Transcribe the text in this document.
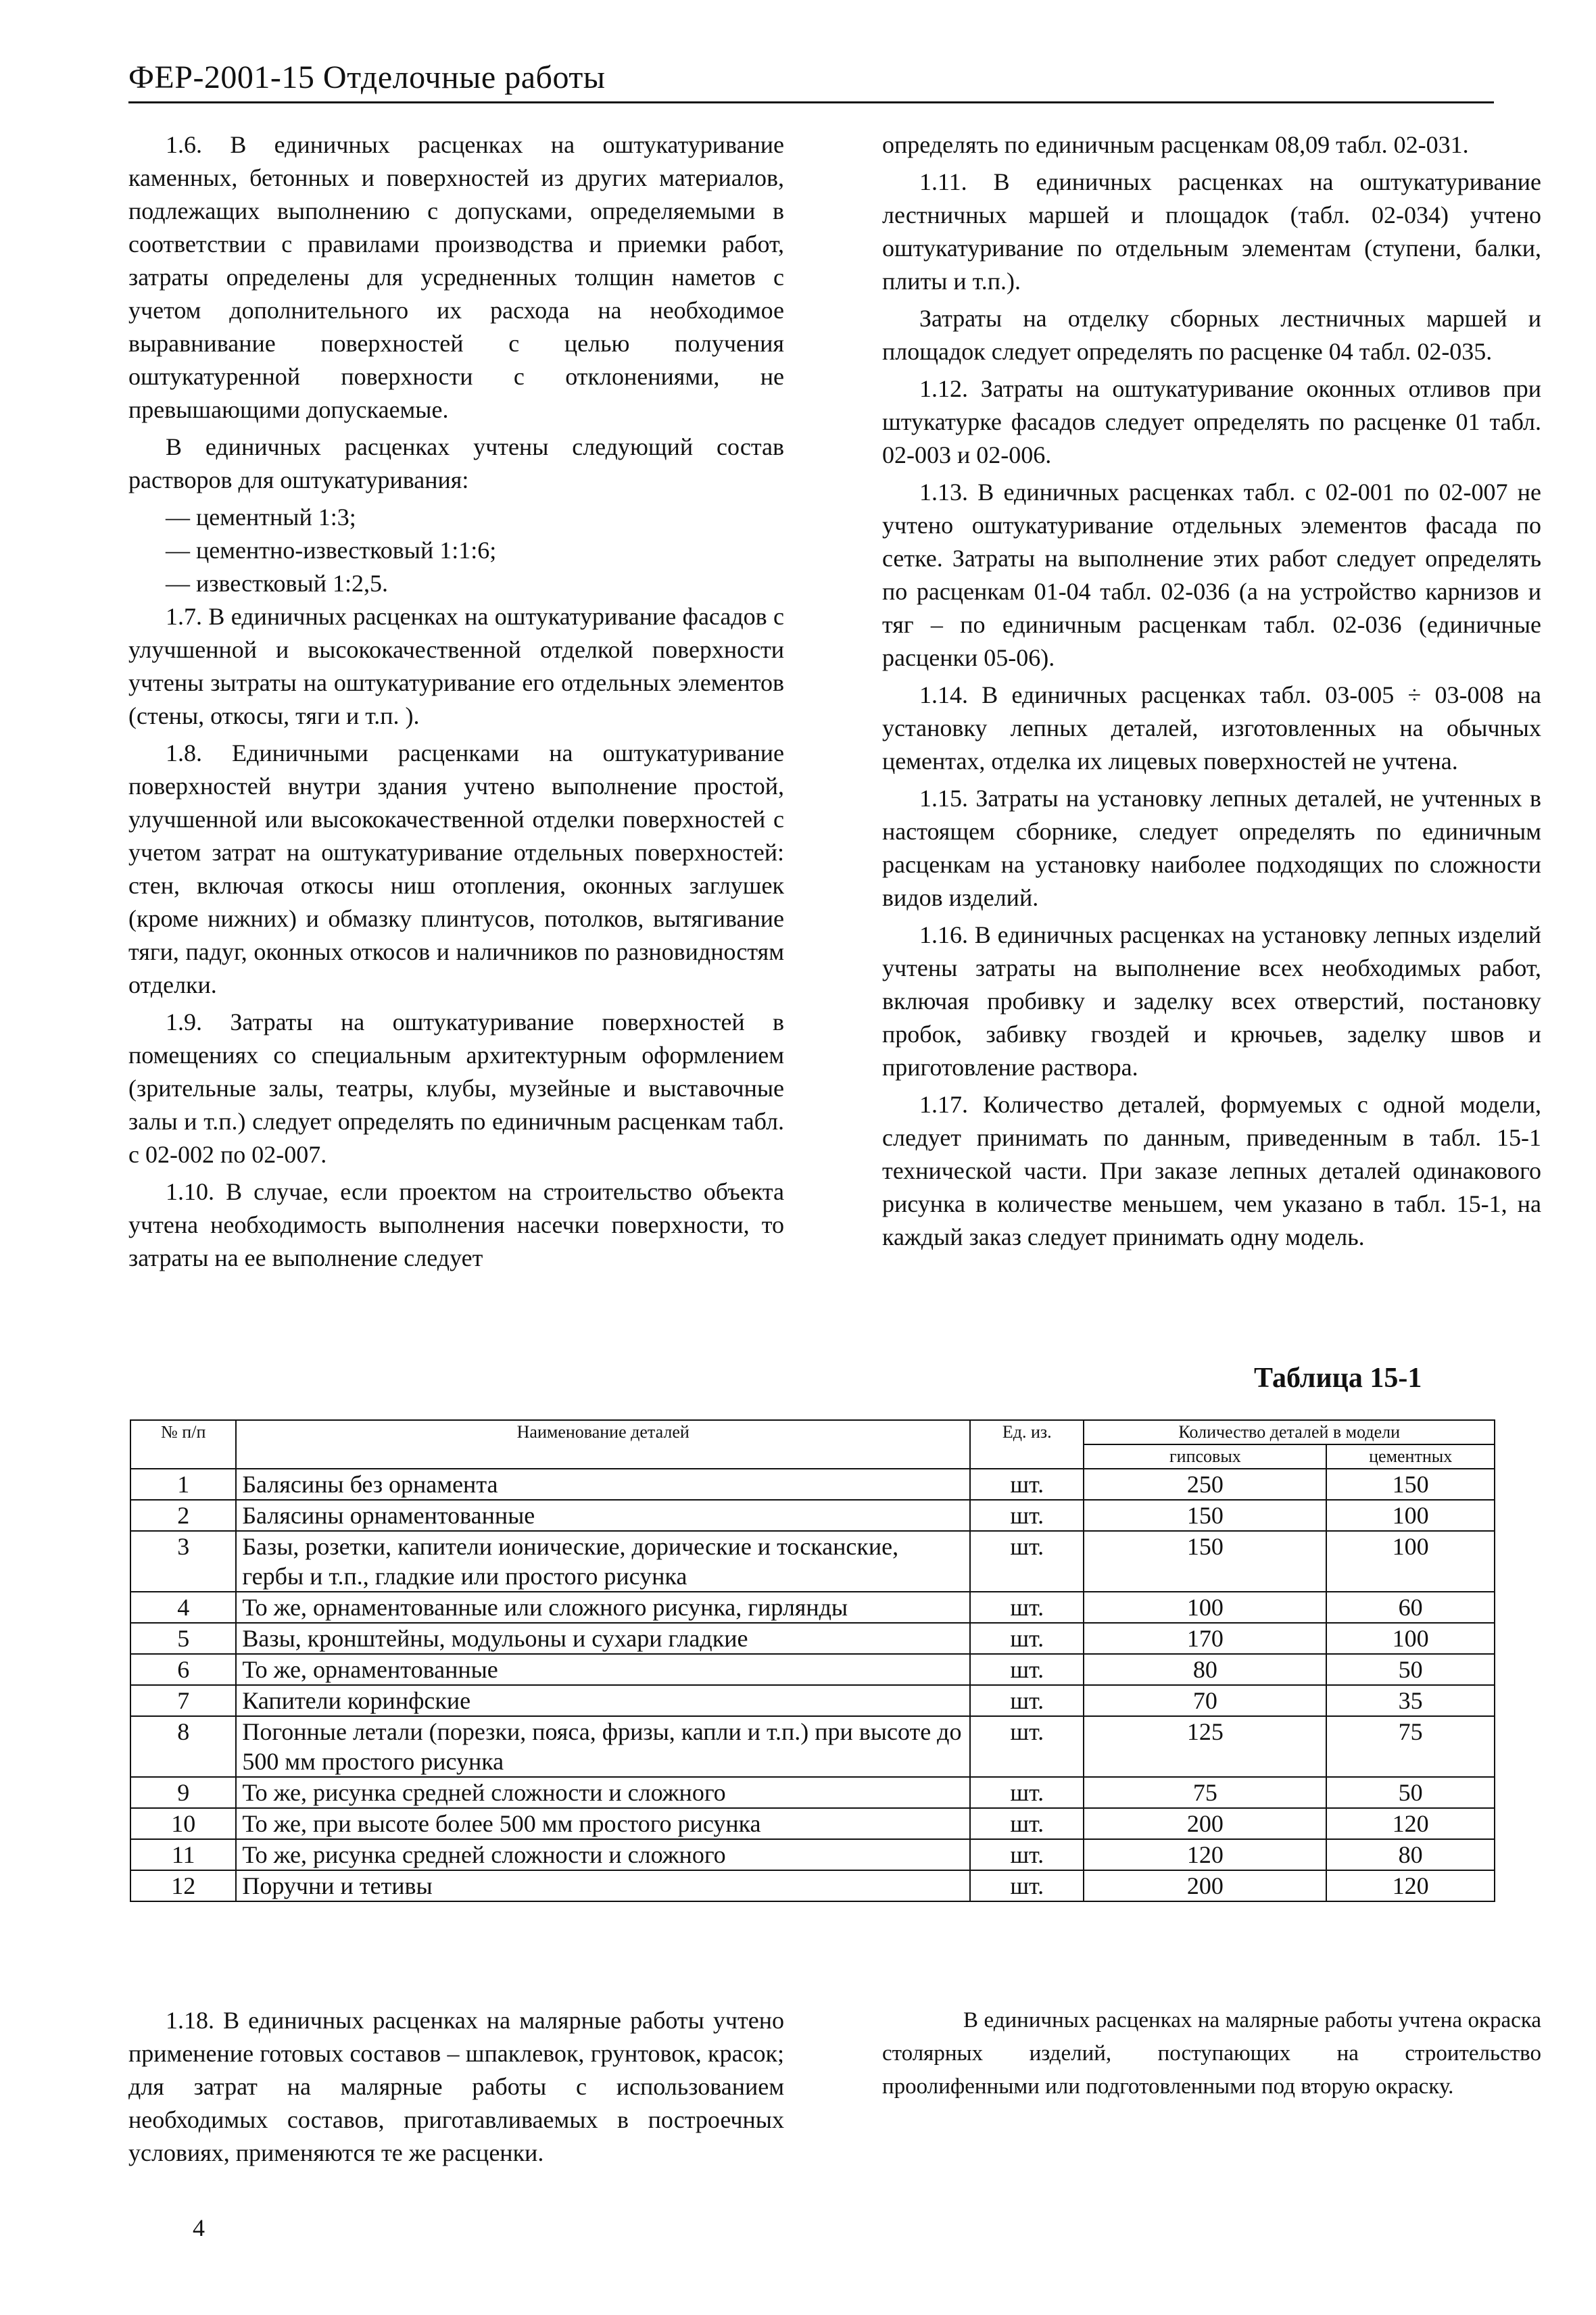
ФЕР-2001-15 Отделочные работы

1.6. В единичных расценках на оштукатуривание каменных, бетонных и поверхностей из других материалов, подлежащих выполнению с допусками, определяемыми в соответствии с правилами производства и приемки работ, затраты определены для усредненных толщин наметов с учетом дополнительного их расхода на необходимое выравнивание поверхностей с целью получения оштукатуренной поверхности с отклонениями, не превышающими допускаемые.

В единичных расценках учтены следующий состав растворов для оштукатуривания:

— цементный 1:3;

— цементно-известковый 1:1:6;

— известковый 1:2,5.

1.7. В единичных расценках на оштукатуривание фасадов с улучшенной и высококачественной отделкой поверхности учтены зытраты на оштукатуривание его отдельных элементов (стены, откосы, тяги и т.п. ).

1.8. Единичными расценками на оштукатуривание поверхностей внутри здания учтено выполнение простой, улучшенной или высококачественной отделки поверхностей с учетом затрат на оштукатуривание отдельных поверхностей: стен, включая откосы ниш отопления, оконных заглушек (кроме нижних) и обмазку плинтусов, потолков, вытягивание тяги, падуг, оконных откосов и наличников по разновидностям отделки.

1.9. Затраты на оштукатуривание поверхностей в помещениях со специальным архитектурным оформлением (зрительные залы, театры, клубы, музейные и выставочные залы и т.п.) следует определять по единичным расценкам табл. с 02-002 по 02-007.

1.10. В случае, если проектом на строительство объекта учтена необходимость выполнения насечки поверхности, то затраты на ее выполнение следует

определять по единичным расценкам 08,09 табл. 02-031.

1.11. В единичных расценках на оштукатуривание лестничных маршей и площадок (табл. 02-034) учтено оштукатуривание по отдельным элементам (ступени, балки, плиты и т.п.).

Затраты на отделку сборных лестничных маршей и площадок следует определять по расценке 04 табл. 02-035.

1.12. Затраты на оштукатуривание оконных отливов при штукатурке фасадов следует определять по расценке 01 табл. 02-003 и 02-006.

1.13. В единичных расценках табл. с 02-001 по 02-007 не учтено оштукатуривание отдельных элементов фасада по сетке. Затраты на выполнение этих работ следует определять по расценкам 01-04 табл. 02-036 (а на устройство карнизов и тяг – по единичным расценкам табл. 02-036 (единичные расценки 05-06).

1.14. В единичных расценках табл. 03-005 ÷ 03-008 на установку лепных деталей, изготовленных на обычных цементах, отделка их лицевых поверхностей не учтена.

1.15. Затраты на установку лепных деталей, не учтенных в настоящем сборнике, следует определять по единичным расценкам на установку наиболее подходящих по сложности видов изделий.

1.16. В единичных расценках на установку лепных изделий учтены затраты на выполнение всех необходимых работ, включая пробивку и заделку всех отверстий, постановку пробок, забивку гвоздей и крючьев, заделку швов и приготовление раствора.

1.17. Количество деталей, формуемых с одной модели, следует принимать по данным, приведенным в табл. 15-1 технической части. При заказе лепных деталей одинакового рисунка в количестве меньшем, чем указано в табл. 15-1, на каждый заказ следует принимать одну модель.

Таблица 15-1
№ п/п	Наименование деталей	Ед. из.	Количество деталей в модели	
			гипсовых	цементных
1	Балясины без орнамента	шт.	250	150
2	Балясины орнаментованные	шт.	150	100
3	Базы, розетки, капители ионические, дорические и тосканские, гербы и т.п., гладкие или простого рисунка	шт.	150	100
4	То же, орнаментованные или сложного рисунка, гирлянды	шт.	100	60
5	Вазы, кронштейны, модульоны и сухари гладкие	шт.	170	100
6	То же, орнаментованные	шт.	80	50
7	Капители коринфские	шт.	70	35
8	Погонные летали (порезки, пояса, фризы, капли и т.п.) при высоте до 500 мм простого рисунка	шт.	125	75
9	То же, рисунка средней сложности и сложного	шт.	75	50
10	То же, при высоте более 500 мм простого рисунка	шт.	200	120
11	То же, рисунка средней сложности и сложного	шт.	120	80
12	Поручни и тетивы	шт.	200	120

1.18. В единичных расценках на малярные работы учтено применение готовых составов – шпаклевок, грунтовок, красок; для затрат на малярные работы с использованием необходимых составов, приготавливаемых в построечных условиях, применяются те же расценки.

В единичных расценках на малярные работы учтена окраска столярных изделий, поступающих на строительство проолифенными или подготовленными под вторую окраску.

4
